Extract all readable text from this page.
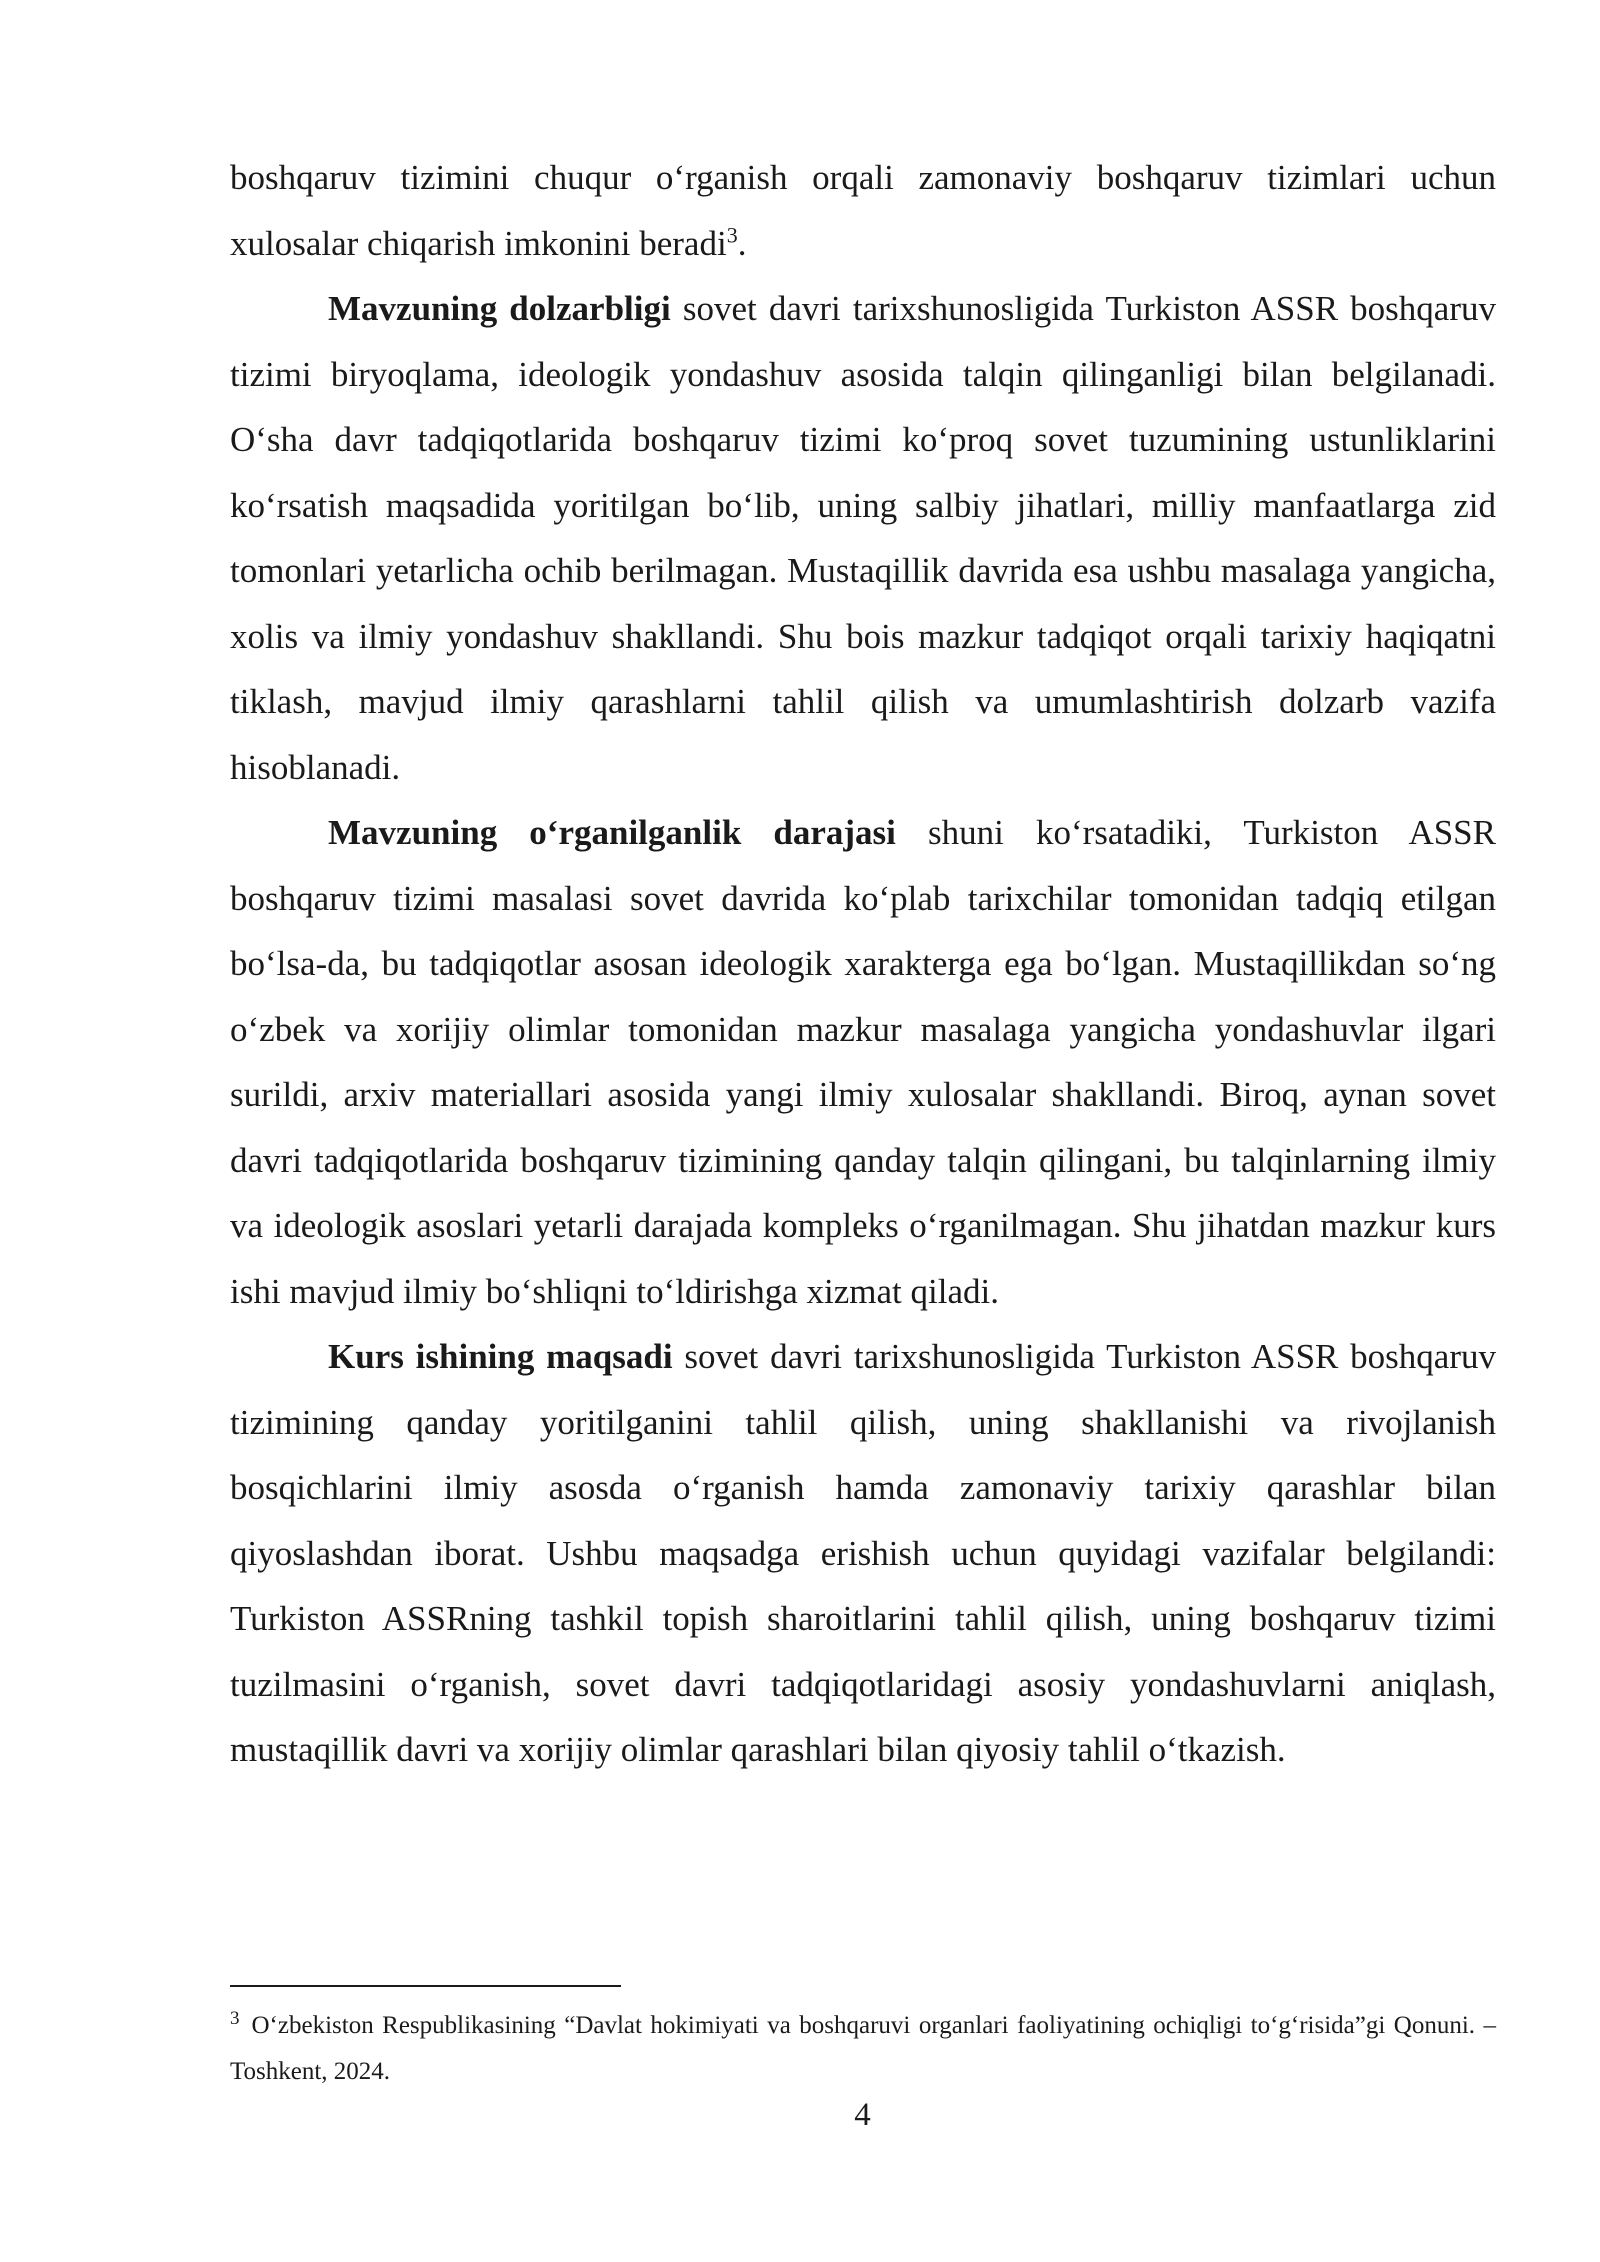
boshqaruv tizimini chuqur o‘rganish orqali zamonaviy boshqaruv tizimlari uchun xulosalar chiqarish imkonini beradi$^3$.

Mavzuning dolzarbligi sovet davri tarixshunosligida Turkiston ASSR boshqaruv tizimi biryoqlama, ideologik yondashuv asosida talqin qilinganligi bilan belgilanadi. O‘sha davr tadqiqotlarida boshqaruv tizimi ko‘proq sovet tuzumining ustunliklarini ko‘rsatish maqsadida yoritilgan bo‘lib, uning salbiy jihatlari, milliy manfaatlarga zid tomonlari yetarlicha ochib berilmagan. Mustaqillik davrida esa ushbu masalaga yangicha, xolis va ilmiy yondashuv shakllandi. Shu bois mazkur tadqiqot orqali tarixiy haqiqatni tiklash, mavjud ilmiy qarashlarni tahlil qilish va umumlashtirish dolzarb vazifa hisoblanadi.

Mavzuning o‘rganilganlik darajasi shuni ko‘rsatadiki, Turkiston ASSR boshqaruv tizimi masalasi sovet davrida ko‘plab tarixchilar tomonidan tadqiq etilgan bo‘lsa-da, bu tadqiqotlar asosan ideologik xarakterga ega bo‘lgan. Mustaqillikdan so‘ng o‘zbek va xorijiy olimlar tomonidan mazkur masalaga yangicha yondashuvlar ilgari surildi, arxiv materiallari asosida yangi ilmiy xulosalar shakllandi. Biroq, aynan sovet davri tadqiqotlarida boshqaruv tizimining qanday talqin qilingani, bu talqinlarning ilmiy va ideologik asoslari yetarli darajada kompleks o‘rganilmagan. Shu jihatdan mazkur kurs ishi mavjud ilmiy bo‘shliqni to‘ldirishga xizmat qiladi.

Kurs ishining maqsadi sovet davri tarixshunosligida Turkiston ASSR boshqaruv tizimining qanday yoritilganini tahlil qilish, uning shakllanishi va rivojlanish bosqichlarini ilmiy asosda o‘rganish hamda zamonaviy tarixiy qarashlar bilan qiyoslashdan iborat. Ushbu maqsadga erishish uchun quyidagi vazifalar belgilandi: Turkiston ASSRning tashkil topish sharoitlarini tahlil qilish, uning boshqaruv tizimi tuzilmasini o‘rganish, sovet davri tadqiqotlaridagi asosiy yondashuvlarni aniqlash, mustaqillik davri va xorijiy olimlar qarashlari bilan qiyosiy tahlil o‘tkazish.

$^3$ O‘zbekiston Respublikasining “Davlat hokimiyati va boshqaruvi organlari faoliyatining ochiqligi to‘g‘risida”gi Qonuni. – Toshkent, 2024.

4
